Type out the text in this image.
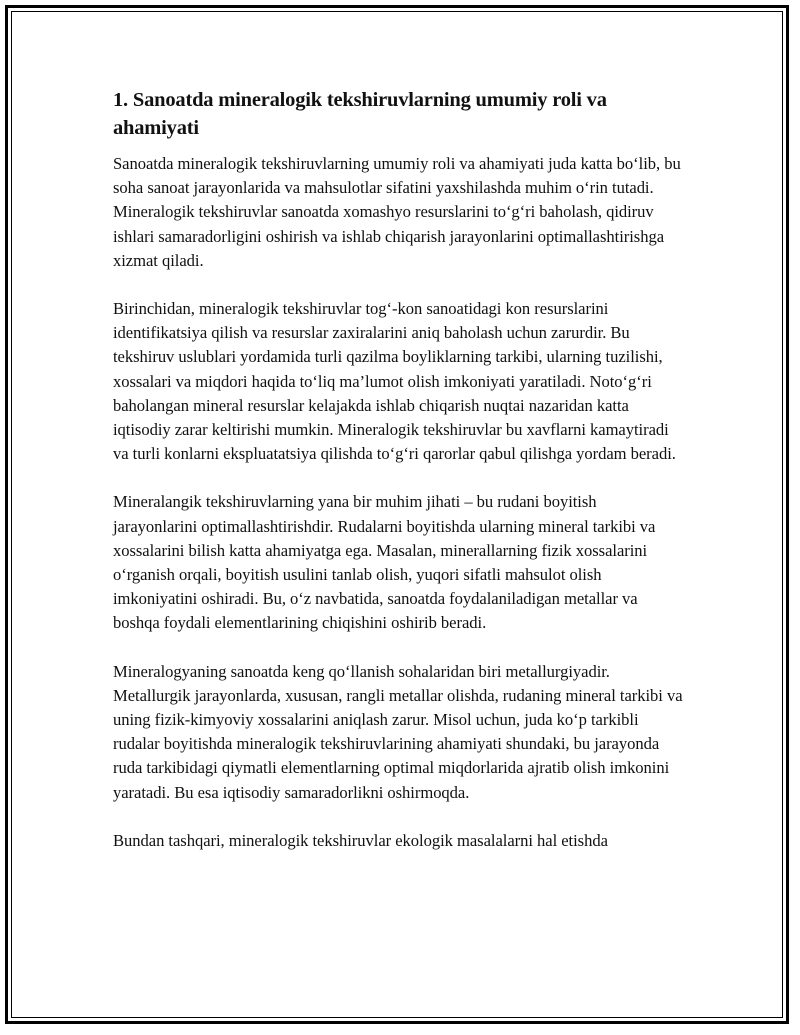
1. Sanoatda mineralogik tekshiruvlarning umumiy roli va ahamiyati

Sanoatda mineralogik tekshiruvlarning umumiy roli va ahamiyati juda katta bo‘lib, bu soha sanoat jarayonlarida va mahsulotlar sifatini yaxshilashda muhim o‘rin tutadi. Mineralogik tekshiruvlar sanoatda xomashyo resurslarini to‘g‘ri baholash, qidiruv ishlari samaradorligini oshirish va ishlab chiqarish jarayonlarini optimallashtirishga xizmat qiladi.

Birinchidan, mineralogik tekshiruvlar tog‘-kon sanoatidagi kon resurslarini identifikatsiya qilish va resurslar zaxiralarini aniq baholash uchun zarurdir. Bu tekshiruv uslublari yordamida turli qazilma boyliklarning tarkibi, ularning tuzilishi, xossalari va miqdori haqida to‘liq ma’lumot olish imkoniyati yaratiladi. Noto‘g‘ri baholangan mineral resurslar kelajakda ishlab chiqarish nuqtai nazaridan katta iqtisodiy zarar keltirishi mumkin. Mineralogik tekshiruvlar bu xavflarni kamaytiradi va turli konlarni ekspluatatsiya qilishda to‘g‘ri qarorlar qabul qilishga yordam beradi.

Mineralangik tekshiruvlarning yana bir muhim jihati – bu rudani boyitish jarayonlarini optimallashtirishdir. Rudalarni boyitishda ularning mineral tarkibi va xossalarini bilish katta ahamiyatga ega. Masalan, minerallarning fizik xossalarini o‘rganish orqali, boyitish usulini tanlab olish, yuqori sifatli mahsulot olish imkoniyatini oshiradi. Bu, o‘z navbatida, sanoatda foydalaniladigan metallar va boshqa foydali elementlarining chiqishini oshirib beradi.

Mineralogyaning sanoatda keng qo‘llanish sohalaridan biri metallurgiyadir. Metallurgik jarayonlarda, xususan, rangli metallar olishda, rudaning mineral tarkibi va uning fizik-kimyoviy xossalarini aniqlash zarur. Misol uchun, juda ko‘p tarkibli rudalar boyitishda mineralogik tekshiruvlarining ahamiyati shundaki, bu jarayonda ruda tarkibidagi qiymatli elementlarning optimal miqdorlarida ajratib olish imkonini yaratadi. Bu esa iqtisodiy samaradorlikni oshirmoqda.

Bundan tashqari, mineralogik tekshiruvlar ekologik masalalarni hal etishda
